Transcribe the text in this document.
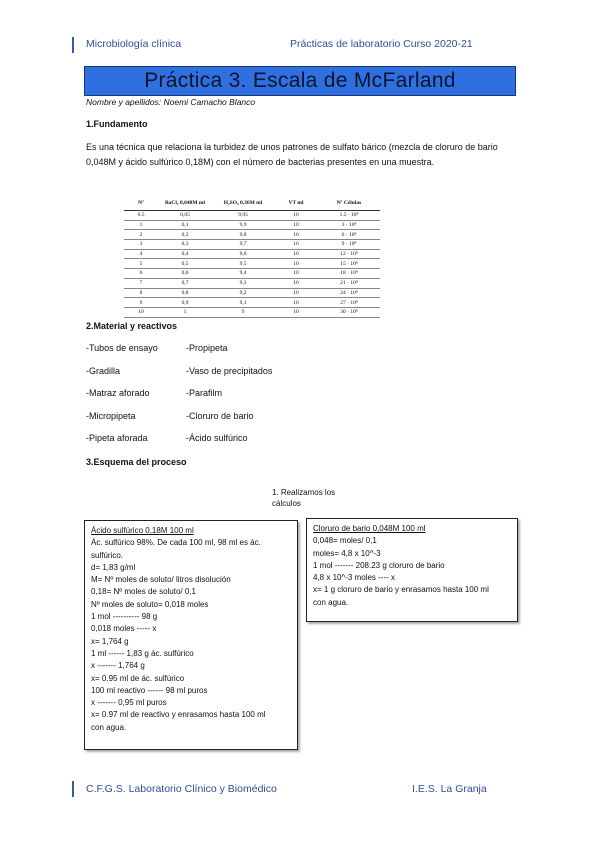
Microbiología clínica	Prácticas de laboratorio Curso 2020-21
Práctica 3. Escala de McFarland
Nombre y apellidos: Noemi Camacho Blanco
1.Fundamento
Es una técnica que relaciona la turbidez de unos patrones de sulfato bárico (mezcla de cloruro de bario 0,048M y ácido sulfúrico 0,18M) con el número de bacterias presentes en una muestra.
Nº	BaCl₂ 0,048M ml	H₂SO₄ 0,36M ml	VT ml	Nº Células
0.5	0,05	9,95	10	1.5 · 10⁸
1	0,1	9,9	10	3 · 10⁸
2	0,2	9,8	10	6 · 10⁸
3	0,3	9,7	10	9 · 10⁸
4	0,4	9,6	10	12 · 10⁸
5	0,5	9,5	10	15 · 10⁸
6	0,6	9,4	10	18 · 10⁸
7	0,7	9,3	10	21 · 10⁸
8	0,8	9,2	10	24 · 10⁸
9	0,9	9,1	10	27 · 10⁸
10	1	9	10	30 · 10⁸
2.Material y reactivos
-Tubos de ensayo
-Gradilla
-Matraz aforado
-Micropipeta
-Pipeta aforada
-Propipeta
-Vaso de precipitados
-Parafilm
-Cloruro de bario
-Ácido sulfúrico
3.Esquema del proceso
1. Realizamos los
cálculos
Ácido sulfúrico 0,18M 100 ml
Ác. sulfúrico 98%. De cada 100 ml, 98 ml es ác.
sulfúrico.
d= 1,83 g/ml
M= Nº moles de soluto/ litros disolución
0,18= Nº moles de soluto/ 0,1
Nº moles de soluto= 0,018 moles
1 mol ---------- 98 g
0,018 moles ----- x
x= 1,764 g
1 ml ------ 1,83 g ác. sulfúrico
x ------- 1,764 g
x= 0.95 ml de ác. sulfúrico
100 ml reactivo ------ 98 ml puros
x ------- 0,95 ml puros
x= 0.97 ml de reactivo y enrasamos hasta 100 ml
con agua.
Cloruro de bario 0,048M 100 ml
0,048= moles/ 0,1
moles= 4,8 x 10^-3
1 mol ------- 208.23 g cloruro de bario
4,8 x 10^-3 moles ---- x
x= 1 g cloruro de bario y enrasamos hasta 100 ml
con agua.
C.F.G.S. Laboratorio Clínico y Biomédico	I.E.S. La Granja
